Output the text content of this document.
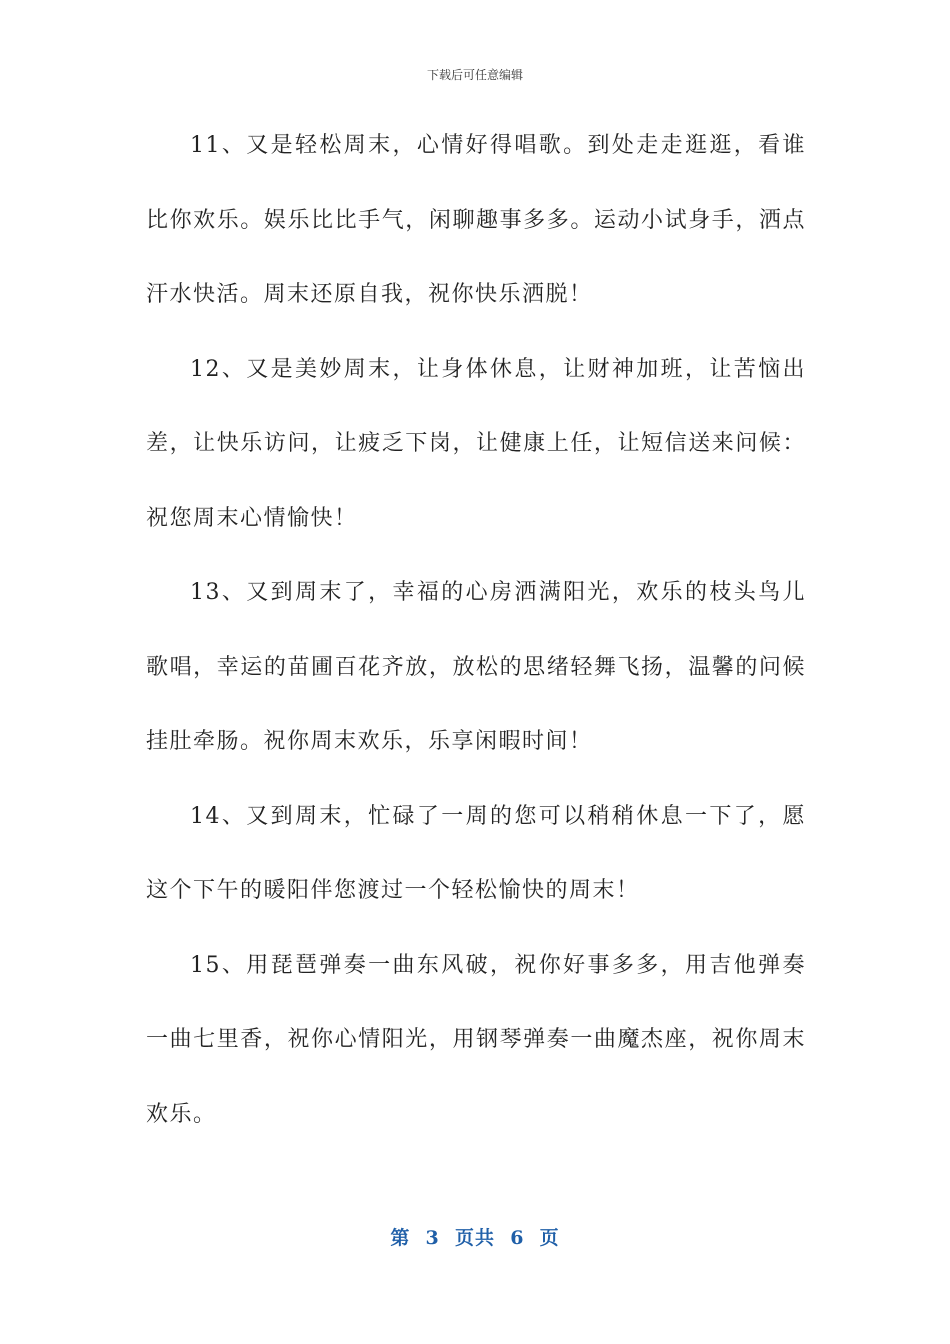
下载后可任意编辑

11、又是轻松周末，心情好得唱歌。到处走走逛逛，看谁比你欢乐。娱乐比比手气，闲聊趣事多多。运动小试身手，洒点汗水快活。周末还原自我，祝你快乐洒脱！

12、又是美妙周末，让身体休息，让财神加班，让苦恼出差，让快乐访问，让疲乏下岗，让健康上任，让短信送来问候：祝您周末心情愉快！

13、又到周末了，幸福的心房洒满阳光，欢乐的枝头鸟儿歌唱，幸运的苗圃百花齐放，放松的思绪轻舞飞扬，温馨的问候挂肚牵肠。祝你周末欢乐，乐享闲暇时间！

14、又到周末，忙碌了一周的您可以稍稍休息一下了，愿这个下午的暖阳伴您渡过一个轻松愉快的周末！

15、用琵琶弹奏一曲东风破，祝你好事多多，用吉他弹奏一曲七里香，祝你心情阳光，用钢琴弹奏一曲魔杰座，祝你周末欢乐。

第  3  页共  6  页
